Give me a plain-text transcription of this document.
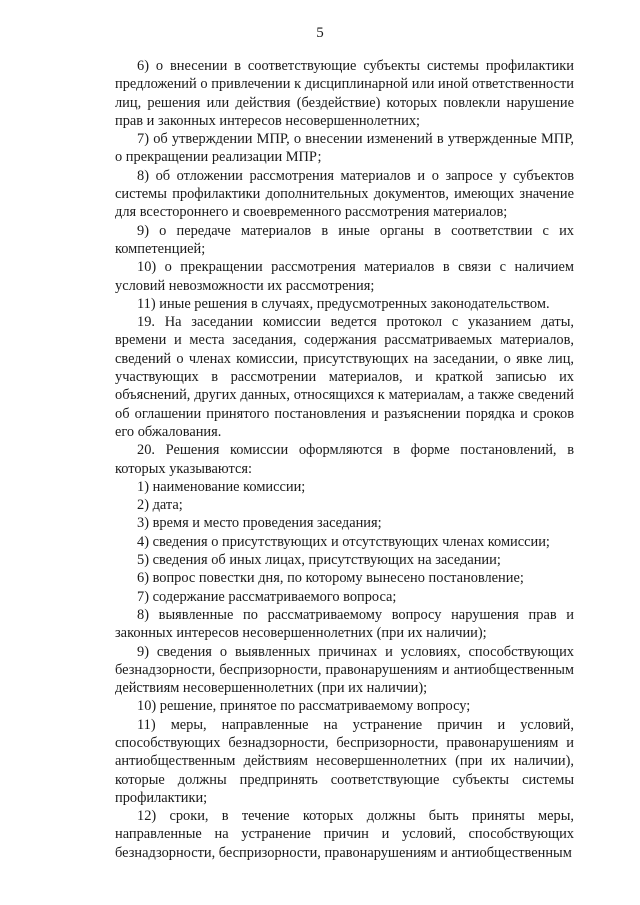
5

6) о внесении в соответствующие субъекты системы профилактики предложений о привлечении к дисциплинарной или иной ответственности лиц, решения или действия (бездействие) которых повлекли нарушение прав и законных интересов несовершеннолетних;

7) об утверждении МПР, о внесении изменений в утвержденные МПР, о прекращении реализации МПР;

8) об отложении рассмотрения материалов и о запросе у субъектов системы профилактики дополнительных документов, имеющих значение для всестороннего и своевременного рассмотрения материалов;

9) о передаче материалов в иные органы в соответствии с их компетенцией;

10) о прекращении рассмотрения материалов в связи с наличием условий невозможности их рассмотрения;

11) иные решения в случаях, предусмотренных законодательством.

19. На заседании комиссии ведется протокол с указанием даты, времени и места заседания, содержания рассматриваемых материалов, сведений о членах комиссии, присутствующих на заседании, о явке лиц, участвующих в рассмотрении материалов, и краткой записью их объяснений, других данных, относящихся к материалам, а также сведений об оглашении принятого постановления и разъяснении порядка и сроков его обжалования.

20. Решения комиссии оформляются в форме постановлений, в которых указываются:

1) наименование комиссии;

2) дата;

3) время и место проведения заседания;

4) сведения о присутствующих и отсутствующих членах комиссии;

5) сведения об иных лицах, присутствующих на заседании;

6) вопрос повестки дня, по которому вынесено постановление;

7) содержание рассматриваемого вопроса;

8) выявленные по рассматриваемому вопросу нарушения прав и законных интересов несовершеннолетних (при их наличии);

9) сведения о выявленных причинах и условиях, способствующих безнадзорности, беспризорности, правонарушениям и антиобщественным действиям несовершеннолетних (при их наличии);

10) решение, принятое по рассматриваемому вопросу;

11) меры, направленные на устранение причин и условий, способствующих безнадзорности, беспризорности, правонарушениям и антиобщественным действиям несовершеннолетних (при их наличии), которые должны предпринять соответствующие субъекты системы профилактики;

12) сроки, в течение которых должны быть приняты меры, направленные на устранение причин и условий, способствующих безнадзорности, беспризорности, правонарушениям и антиобщественным
